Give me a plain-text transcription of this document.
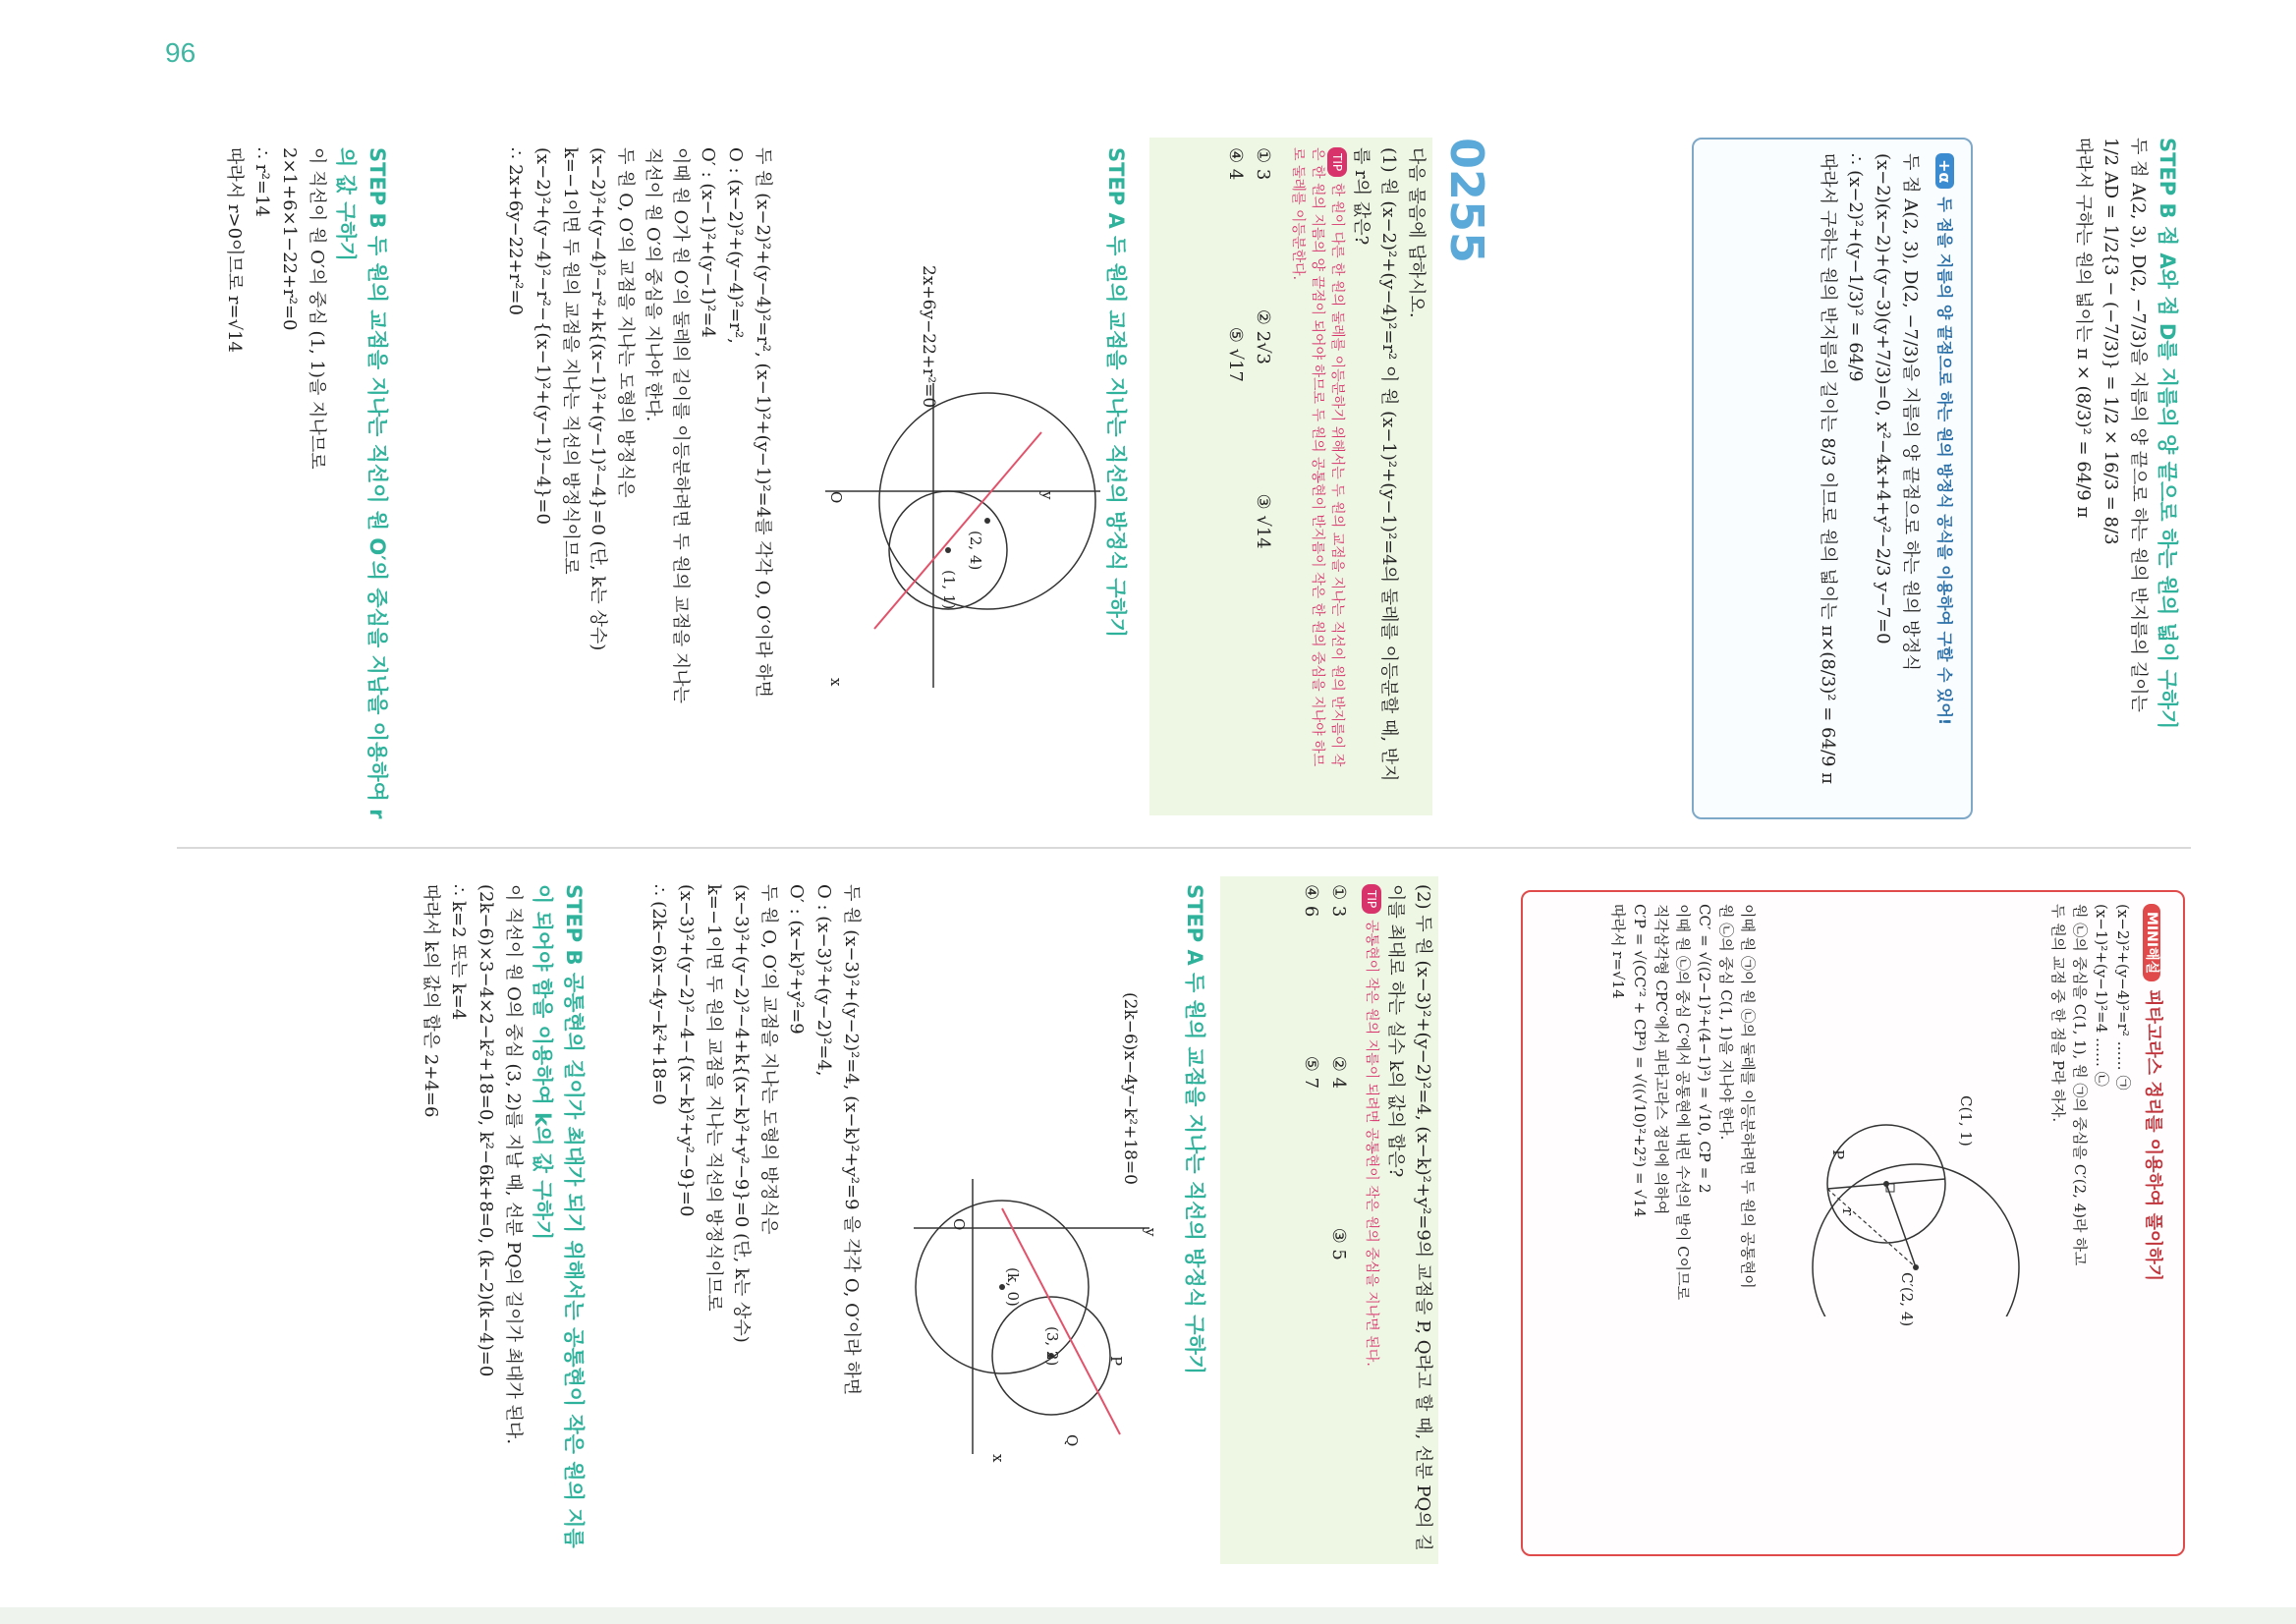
96
STEP B 점 A와 점 D를 지름의 양 끝으로 하는 원의 넓이 구하기
두 점 A(2, 3), D(2, −7/3)을 지름의 양 끝으로 하는 원의 반지름의 길이는
1/2 AD = 1/2{3 − (−7/3)} = 1/2 × 16/3 = 8/3
따라서 구하는 원의 넓이는 π × (8/3)² = 64/9 π
+α두 점을 지름의 양 끝점으로 하는 원의 방정식 공식을 이용하여 구할 수 있어!
두 점 A(2, 3), D(2, −7/3)을 지름의 양 끝점으로 하는 원의 방정식
(x−2)(x−2)+(y−3)(y+7/3)=0, x²−4x+4+y²−2/3 y−7=0
∴ (x−2)²+(y−1/3)² = 64/9
따라서 구하는 원의 반지름의 길이는 8/3 이므로 원의 넓이는 π×(8/3)² = 64/9 π
0255
다음 물음에 답하시오.
(1) 원 (x−2)²+(y−4)²=r² 이 원 (x−1)²+(y−1)²=4의 둘레를 이등분할 때, 반지름 r의 값은?
TIP한 원이 다른 한 원의 둘레를 이등분하기 위해서는 두 원의 교점을 지나는 직선이 원의 반지름이 작은 한 원의 지름의 양 끝점이 되어야 하므로 두 원의 공통현이 반지름이 작은 한 원의 중심을 지나야 하므로 둘레를 이등분한다.
① 3  ② 2√3  ③ √14
④ 4  ⑤ √17
STEP A 두 원의 교점을 지나는 직선의 방정식 구하기
2x+6y−22+r²=0
(2, 4)
(1, 1)
O	y
x
두 원 (x−2)²+(y−4)²=r², (x−1)²+(y−1)²=4를 각각 O, O′이라 하면
O : (x−2)²+(y−4)²=r²,
O′ : (x−1)²+(y−1)²=4
이때 원 O가 원 O′의 둘레의 길이를 이등분하려면 두 원의 교점을 지나는
직선이 원 O′의 중심을 지나야 한다.
두 원 O, O′의 교점을 지나는 도형의 방정식은
(x−2)²+(y−4)²−r²+k{(x−1)²+(y−1)²−4}=0 (단, k는 상수)
k=−1이면 두 원의 교점을 지나는 직선의 방정식이므로
(x−2)²+(y−4)²−r²−{(x−1)²+(y−1)²−4}=0
∴ 2x+6y−22+r²=0
STEP B 두 원의 교점을 지나는 직선이 원 O′의 중심을 지남을 이용하여 r의 값 구하기
이 직선이 원 O′의 중심 (1, 1)을 지나므로
2×1+6×1−22+r²=0
∴ r²=14
따라서 r>0이므로 r=√14
MINI해설피타고라스 정리를 이용하여 풀이하기
(x−2)²+(y−4)²=r² …… ㉠
(x−1)²+(y−1)²=4 …… ㉡
원 ㉡의 중심을 C(1, 1), 원 ㉠의 중심을 C′(2, 4)라 하고
두 원의 교점 중 한 점을 P라 하자.
이때 원 ㉠이 원 ㉡의 둘레를 이등분하려면 두 원의 공통현이
원 ㉡의 중심 C(1, 1)을 지나야 한다.
CC′ = √((2−1)²+(4−1)²) = √10, CP = 2
이때 원 ㉡의 중심 C′에서 공통현에 내린 수선의 발이 C이므로
직각삼각형 CPC′에서 피타고라스 정리에 의하여
C′P = √(CC′² + CP²) = √((√10)²+2²) = √14
따라서 r=√14
C(1, 1)
C′(2, 4)
P
r
(2) 두 원 (x−3)²+(y−2)²=4, (x−k)²+y²=9의 교점을 P, Q라고 할 때, 선분 PQ의 길이를 최대로 하는 실수 k의 값의 합은?
TIP공통현이 작은 원의 지름이 되려면 공통현이 작은 원의 중심을 지나면 된다.
① 3  ② 4  ③ 5
④ 6  ⑤ 7
STEP A 두 원의 교점을 지나는 직선의 방정식 구하기
(2k−6)x−4y−k²+18=0
(3, 2)
(k, 0)
P
Q
O
y
x
두 원 (x−3)²+(y−2)²=4, (x−k)²+y²=9 을 각각 O, O′이라 하면
O : (x−3)²+(y−2)²=4,
O′ : (x−k)²+y²=9
두 원 O, O′의 교점을 지나는 도형의 방정식은
(x−3)²+(y−2)²−4+k{(x−k)²+y²−9}=0 (단, k는 상수)
k=−1이면 두 원의 교점을 지나는 직선의 방정식이므로
(x−3)²+(y−2)²−4−{(x−k)²+y²−9}=0
∴ (2k−6)x−4y−k²+18=0
STEP B 공통현의 길이가 최대가 되기 위해서는 공통현이 작은 원의 지름이 되어야 함을 이용하여 k의 값 구하기
이 직선이 원 O의 중심 (3, 2)를 지날 때, 선분 PQ의 길이가 최대가 된다.
(2k−6)×3−4×2−k²+18=0, k²−6k+8=0, (k−2)(k−4)=0
∴ k=2 또는 k=4
따라서 k의 값의 합은 2+4=6
